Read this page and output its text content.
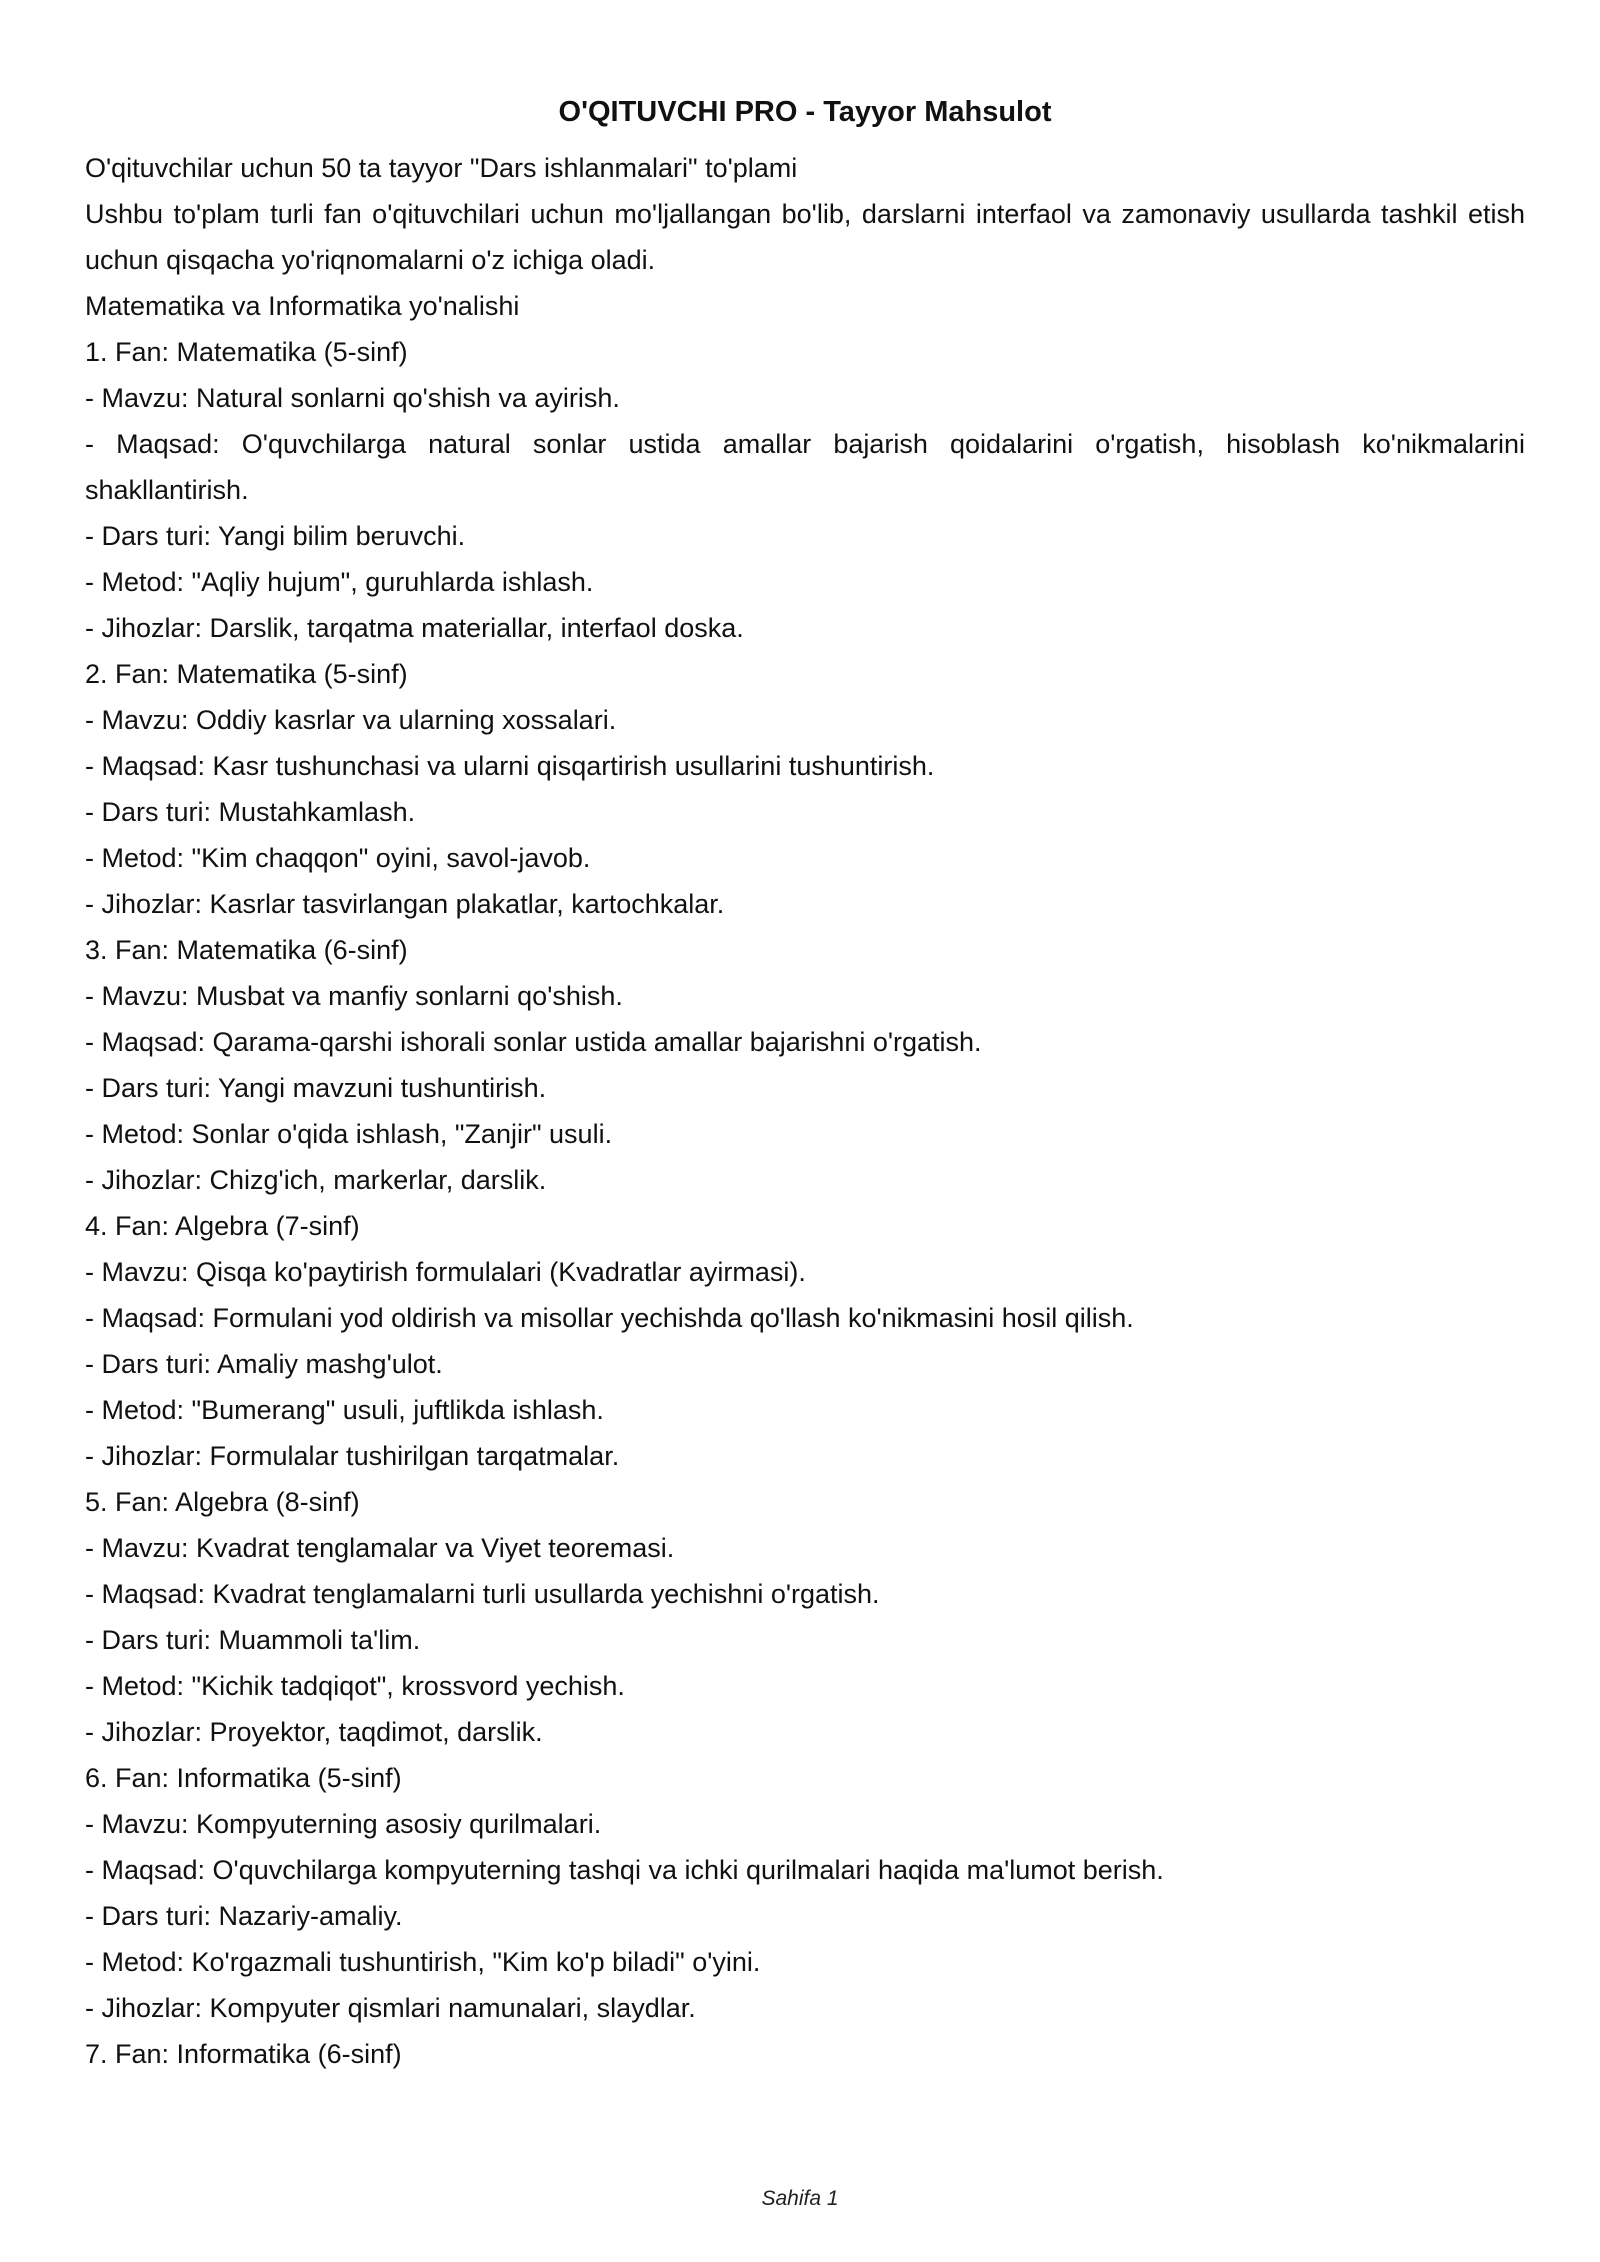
O'QITUVCHI PRO - Tayyor Mahsulot

O'qituvchilar uchun 50 ta tayyor "Dars ishlanmalari" to'plami

Ushbu to'plam turli fan o'qituvchilari uchun mo'ljallangan bo'lib, darslarni interfaol va zamonaviy usullarda tashkil etish uchun qisqacha yo'riqnomalarni o'z ichiga oladi.

Matematika va Informatika yo'nalishi

1. Fan: Matematika (5-sinf)

- Mavzu: Natural sonlarni qo'shish va ayirish.

- Maqsad: O'quvchilarga natural sonlar ustida amallar bajarish qoidalarini o'rgatish, hisoblash ko'nikmalarini shakllantirish.

- Dars turi: Yangi bilim beruvchi.

- Metod: "Aqliy hujum", guruhlarda ishlash.

- Jihozlar: Darslik, tarqatma materiallar, interfaol doska.

2. Fan: Matematika (5-sinf)

- Mavzu: Oddiy kasrlar va ularning xossalari.

- Maqsad: Kasr tushunchasi va ularni qisqartirish usullarini tushuntirish.

- Dars turi: Mustahkamlash.

- Metod: "Kim chaqqon" oyini, savol-javob.

- Jihozlar: Kasrlar tasvirlangan plakatlar, kartochkalar.

3. Fan: Matematika (6-sinf)

- Mavzu: Musbat va manfiy sonlarni qo'shish.

- Maqsad: Qarama-qarshi ishorali sonlar ustida amallar bajarishni o'rgatish.

- Dars turi: Yangi mavzuni tushuntirish.

- Metod: Sonlar o'qida ishlash, "Zanjir" usuli.

- Jihozlar: Chizg'ich, markerlar, darslik.

4. Fan: Algebra (7-sinf)

- Mavzu: Qisqa ko'paytirish formulalari (Kvadratlar ayirmasi).

- Maqsad: Formulani yod oldirish va misollar yechishda qo'llash ko'nikmasini hosil qilish.

- Dars turi: Amaliy mashg'ulot.

- Metod: "Bumerang" usuli, juftlikda ishlash.

- Jihozlar: Formulalar tushirilgan tarqatmalar.

5. Fan: Algebra (8-sinf)

- Mavzu: Kvadrat tenglamalar va Viyet teoremasi.

- Maqsad: Kvadrat tenglamalarni turli usullarda yechishni o'rgatish.

- Dars turi: Muammoli ta'lim.

- Metod: "Kichik tadqiqot", krossvord yechish.

- Jihozlar: Proyektor, taqdimot, darslik.

6. Fan: Informatika (5-sinf)

- Mavzu: Kompyuterning asosiy qurilmalari.

- Maqsad: O'quvchilarga kompyuterning tashqi va ichki qurilmalari haqida ma'lumot berish.

- Dars turi: Nazariy-amaliy.

- Metod: Ko'rgazmali tushuntirish, "Kim ko'p biladi" o'yini.

- Jihozlar: Kompyuter qismlari namunalari, slaydlar.

7. Fan: Informatika (6-sinf)

Sahifa 1
